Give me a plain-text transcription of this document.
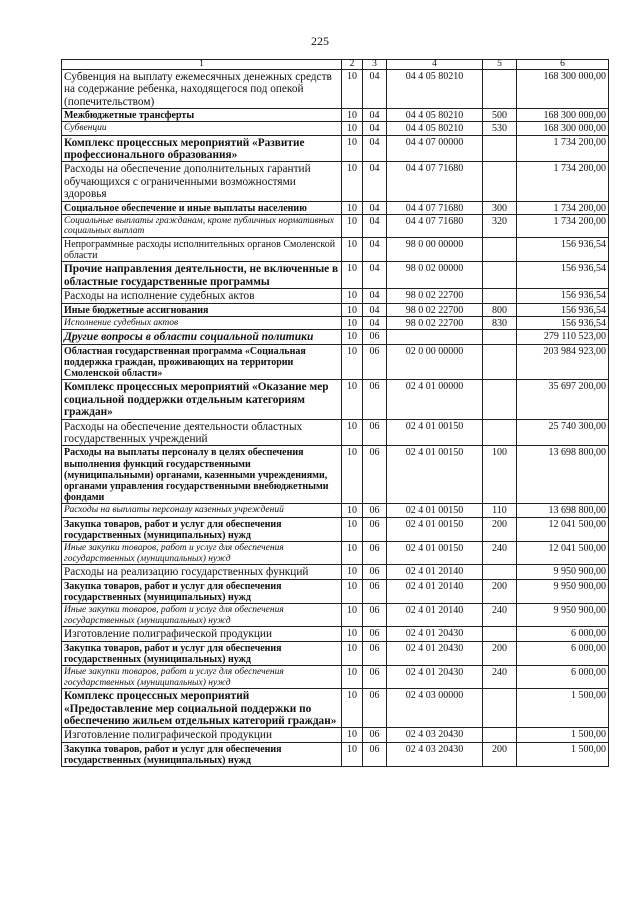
225
1	2	3	4	5	6
Субвенция на выплату ежемесячных денежных средств на содержание ребенка, находящегося под опекой (попечительством)	10	04	04 4 05 80210		168 300 000,00
Межбюджетные трансферты	10	04	04 4 05 80210	500	168 300 000,00
Субвенции	10	04	04 4 05 80210	530	168 300 000,00
Комплекс процессных мероприятий «Развитие профессионального образования»	10	04	04 4 07 00000		1 734 200,00
Расходы на обеспечение дополнительных гарантий обучающихся с ограниченными возможностями здоровья	10	04	04 4 07 71680		1 734 200,00
Социальное обеспечение и иные выплаты населению	10	04	04 4 07 71680	300	1 734 200,00
Социальные выплаты гражданам, кроме публичных нормативных социальных выплат	10	04	04 4 07 71680	320	1 734 200,00
Непрограммные расходы исполнительных органов Смоленской области	10	04	98 0 00 00000		156 936,54
Прочие направления деятельности, не включенные в областные государственные программы	10	04	98 0 02 00000		156 936,54
Расходы на исполнение судебных актов	10	04	98 0 02 22700		156 936,54
Иные бюджетные ассигнования	10	04	98 0 02 22700	800	156 936,54
Исполнение судебных актов	10	04	98 0 02 22700	830	156 936,54
Другие вопросы в области социальной политики	10	06			279 110 523,00
Областная государственная программа «Социальная поддержка граждан, проживающих на территории Смоленской области»	10	06	02 0 00 00000		203 984 923,00
Комплекс процессных мероприятий «Оказание мер социальной поддержки отдельным категориям граждан»	10	06	02 4 01 00000		35 697 200,00
Расходы на обеспечение деятельности областных государственных учреждений	10	06	02 4 01 00150		25 740 300,00
Расходы на выплаты персоналу в целях обеспечения выполнения функций государственными (муниципальными) органами, казенными учреждениями, органами управления государственными внебюджетными фондами	10	06	02 4 01 00150	100	13 698 800,00
Расходы на выплаты персоналу казенных учреждений	10	06	02 4 01 00150	110	13 698 800,00
Закупка товаров, работ и услуг для обеспечения государственных (муниципальных) нужд	10	06	02 4 01 00150	200	12 041 500,00
Иные закупки товаров, работ и услуг для обеспечения государственных (муниципальных) нужд	10	06	02 4 01 00150	240	12 041 500,00
Расходы на реализацию государственных функций	10	06	02 4 01 20140		9 950 900,00
Закупка товаров, работ и услуг для обеспечения государственных (муниципальных) нужд	10	06	02 4 01 20140	200	9 950 900,00
Иные закупки товаров, работ и услуг для обеспечения государственных (муниципальных) нужд	10	06	02 4 01 20140	240	9 950 900,00
Изготовление полиграфической продукции	10	06	02 4 01 20430		6 000,00
Закупка товаров, работ и услуг для обеспечения государственных (муниципальных) нужд	10	06	02 4 01 20430	200	6 000,00
Иные закупки товаров, работ и услуг для обеспечения государственных (муниципальных) нужд	10	06	02 4 01 20430	240	6 000,00
Комплекс процессных мероприятий «Предоставление мер социальной поддержки по обеспечению жильем отдельных категорий граждан»	10	06	02 4 03 00000		1 500,00
Изготовление полиграфической продукции	10	06	02 4 03 20430		1 500,00
Закупка товаров, работ и услуг для обеспечения государственных (муниципальных) нужд	10	06	02 4 03 20430	200	1 500,00
